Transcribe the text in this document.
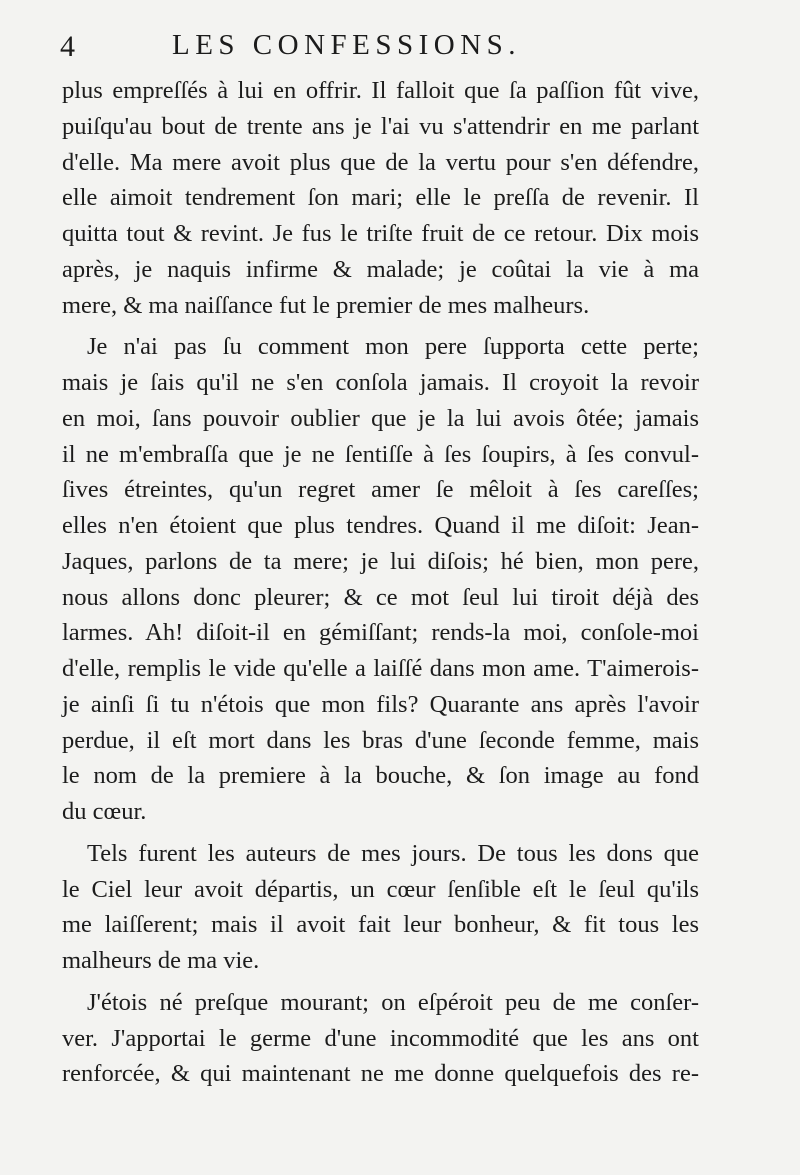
4	LES CONFESSIONS.
plus empreſſés à lui en offrir. Il falloit que ſa paſſion fût vive,
puiſqu'au bout de trente ans je l'ai vu s'attendrir en me parlant
d'elle. Ma mere avoit plus que de la vertu pour s'en défendre,
elle aimoit tendrement ſon mari; elle le preſſa de revenir. Il
quitta tout & revint. Je fus le triſte fruit de ce retour. Dix mois
après, je naquis infirme & malade; je coûtai la vie à ma
mere, & ma naiſſance fut le premier de mes malheurs.
Je n'ai pas ſu comment mon pere ſupporta cette perte;
mais je ſais qu'il ne s'en conſola jamais. Il croyoit la revoir
en moi, ſans pouvoir oublier que je la lui avois ôtée; jamais
il ne m'embraſſa que je ne ſentiſſe à ſes ſoupirs, à ſes convul-
ſives étreintes, qu'un regret amer ſe mêloit à ſes careſſes;
elles n'en étoient que plus tendres. Quand il me diſoit: Jean-
Jaques, parlons de ta mere; je lui diſois; hé bien, mon pere,
nous allons donc pleurer; & ce mot ſeul lui tiroit déjà des
larmes. Ah! diſoit-il en gémiſſant; rends-la moi, conſole-moi
d'elle, remplis le vide qu'elle a laiſſé dans mon ame. T'aimerois-
je ainſi ſi tu n'étois que mon fils? Quarante ans après l'avoir
perdue, il eſt mort dans les bras d'une ſeconde femme, mais
le nom de la premiere à la bouche, & ſon image au fond
du cœur.
Tels furent les auteurs de mes jours. De tous les dons que
le Ciel leur avoit départis, un cœur ſenſible eſt le ſeul qu'ils
me laiſſerent; mais il avoit fait leur bonheur, & fit tous les
malheurs de ma vie.
J'étois né preſque mourant; on eſpéroit peu de me conſer-
ver. J'apportai le germe d'une incommodité que les ans ont
renforcée, & qui maintenant ne me donne quelquefois des re-
